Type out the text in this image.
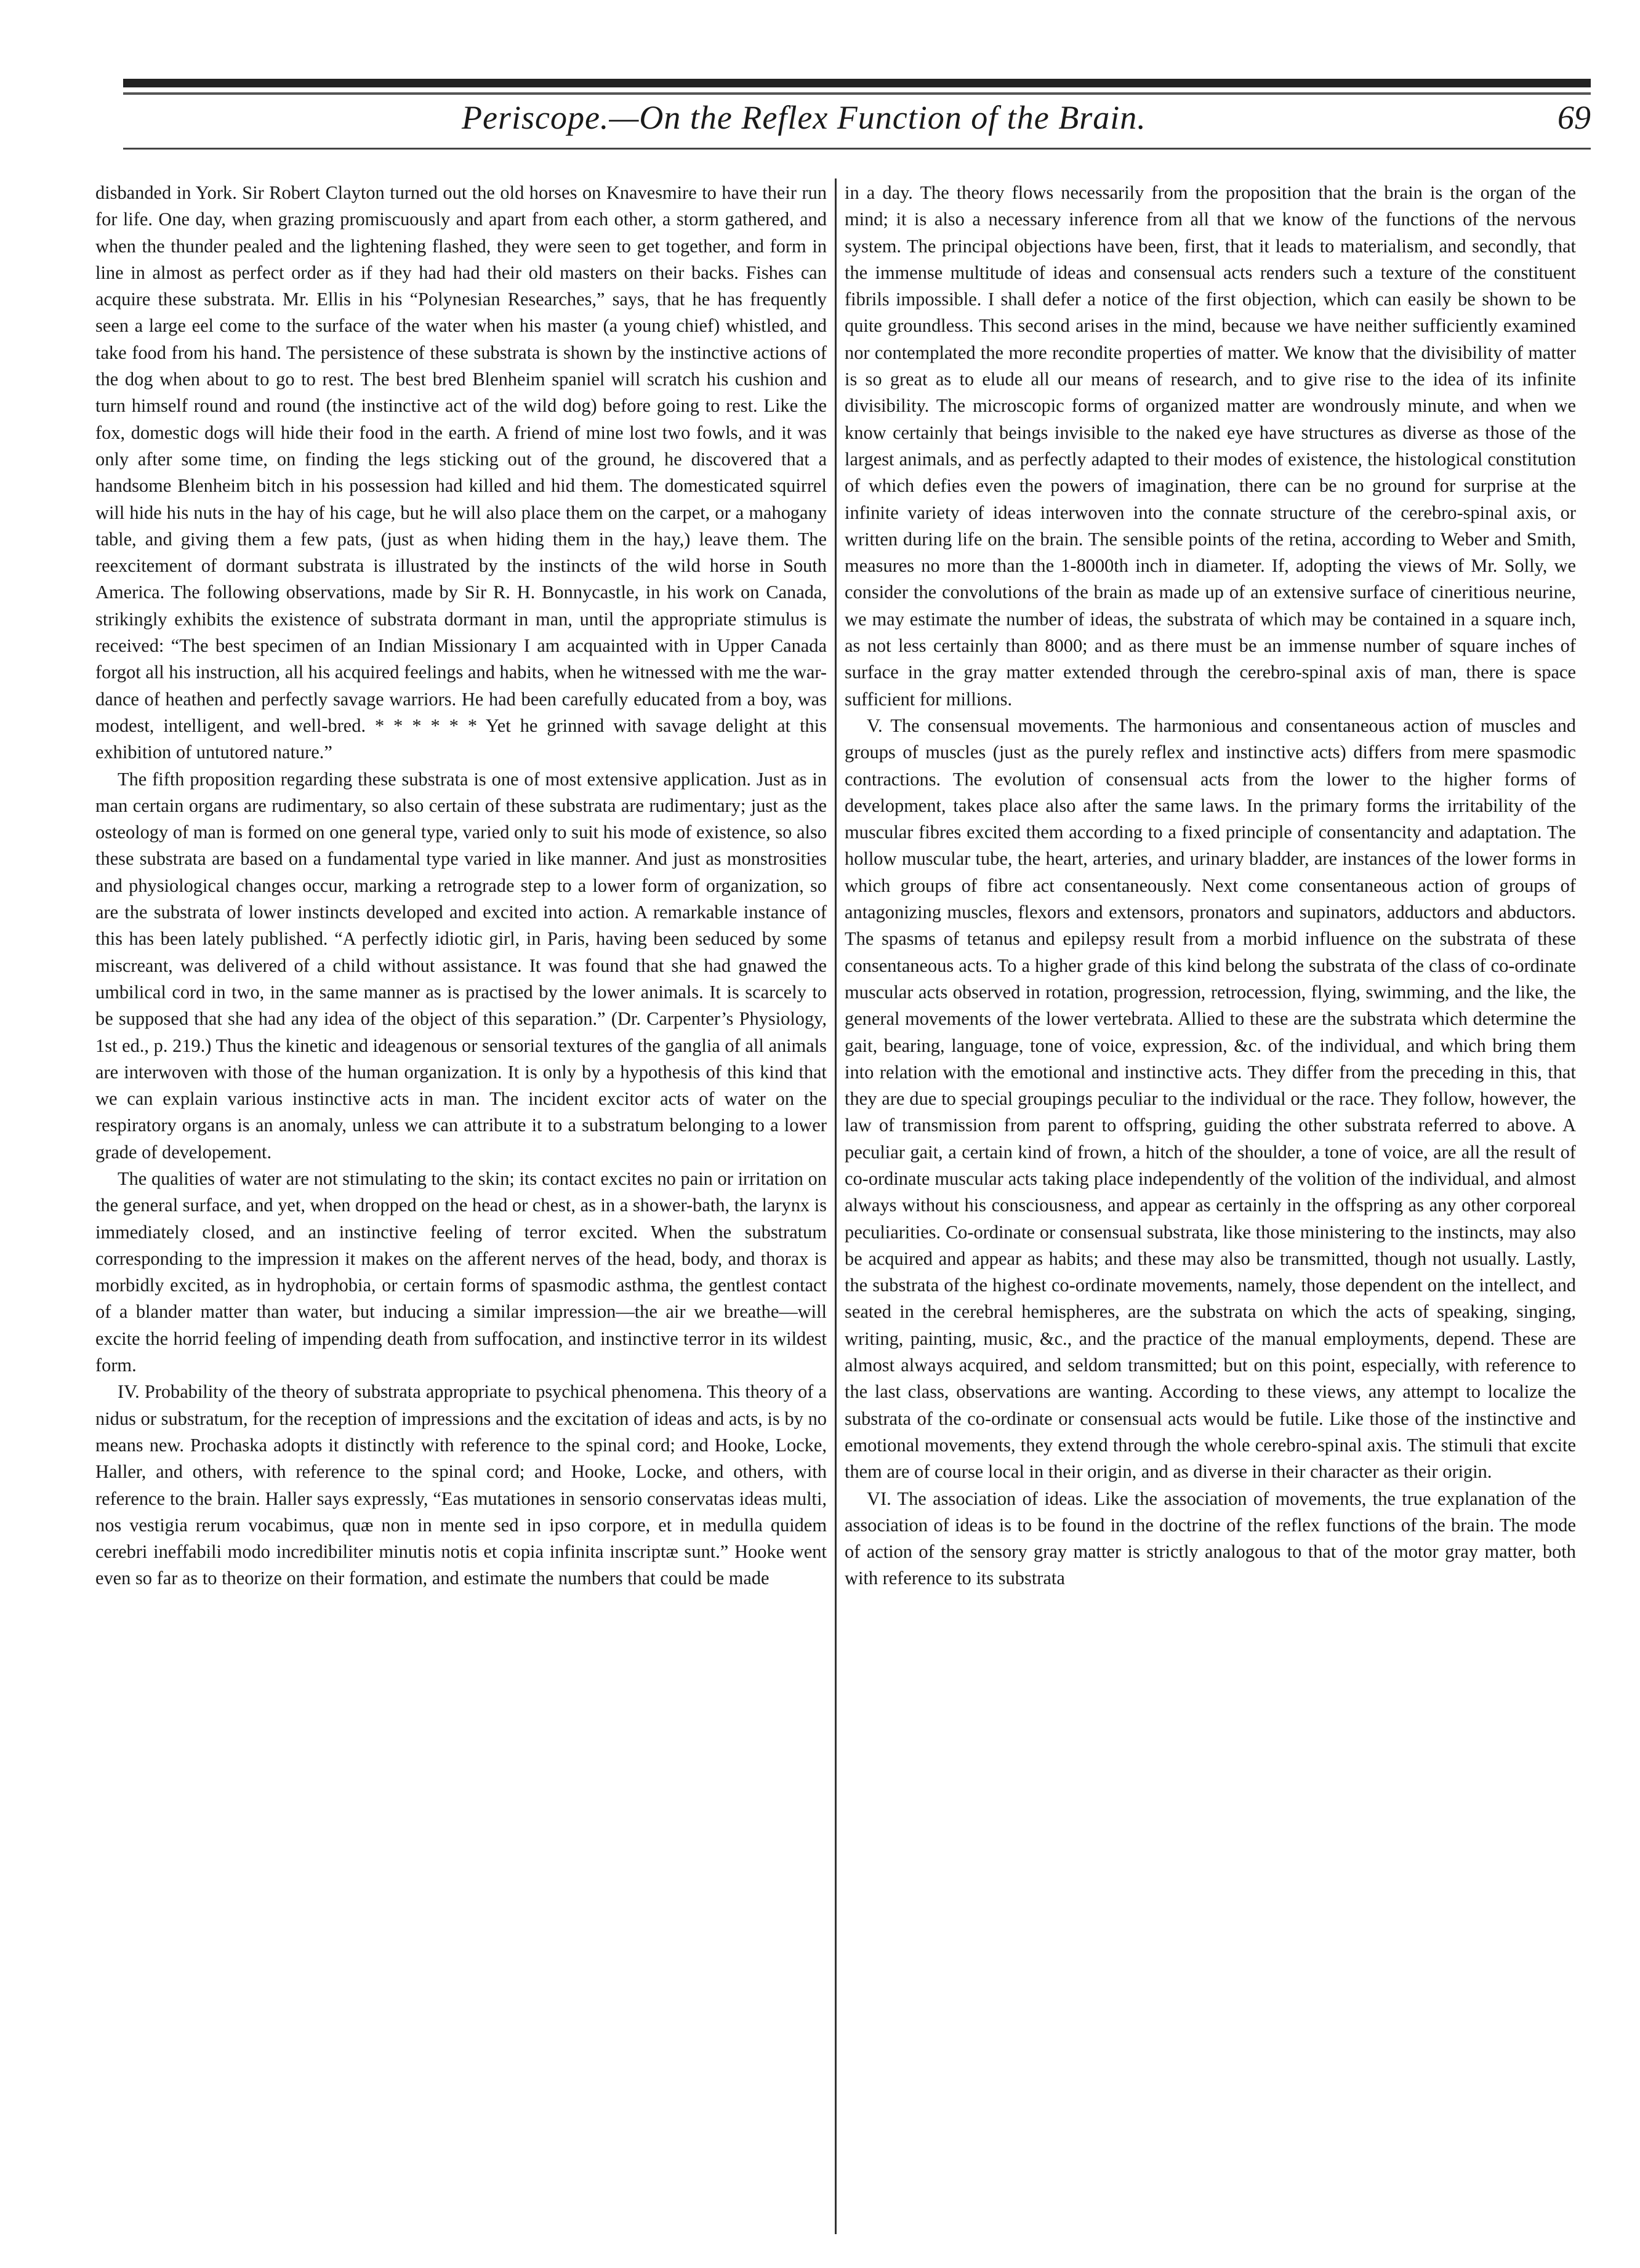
Periscope.—On the Reflex Function of the Brain.	69

disbanded in York. Sir Robert Clayton turned out the old horses on Knavesmire to have their run for life. One day, when grazing promiscuously and apart from each other, a storm gathered, and when the thunder pealed and the lightening flashed, they were seen to get together, and form in line in almost as perfect order as if they had had their old masters on their backs. Fishes can acquire these substrata. Mr. Ellis in his “Polynesian Researches,” says, that he has frequently seen a large eel come to the surface of the water when his master (a young chief) whistled, and take food from his hand. The persistence of these substrata is shown by the instinctive actions of the dog when about to go to rest. The best bred Blenheim spaniel will scratch his cushion and turn himself round and round (the instinctive act of the wild dog) before going to rest. Like the fox, domestic dogs will hide their food in the earth. A friend of mine lost two fowls, and it was only after some time, on finding the legs sticking out of the ground, he discovered that a handsome Blenheim bitch in his possession had killed and hid them. The domesticated squirrel will hide his nuts in the hay of his cage, but he will also place them on the carpet, or a mahogany table, and giving them a few pats, (just as when hiding them in the hay,) leave them. The reexcitement of dormant substrata is illustrated by the instincts of the wild horse in South America. The following observations, made by Sir R. H. Bonnycastle, in his work on Canada, strikingly exhibits the existence of substrata dormant in man, until the appropriate stimulus is received: “The best specimen of an Indian Missionary I am acquainted with in Upper Canada forgot all his instruction, all his acquired feelings and habits, when he witnessed with me the war-dance of heathen and perfectly savage warriors. He had been carefully educated from a boy, was modest, intelligent, and well-bred. * * * * * * Yet he grinned with savage delight at this exhibition of untutored nature.”

The fifth proposition regarding these substrata is one of most extensive application. Just as in man certain organs are rudimentary, so also certain of these substrata are rudimentary; just as the osteology of man is formed on one general type, varied only to suit his mode of existence, so also these substrata are based on a fundamental type varied in like manner. And just as monstrosities and physiological changes occur, marking a retrograde step to a lower form of organization, so are the substrata of lower instincts developed and excited into action. A remarkable instance of this has been lately published. “A perfectly idiotic girl, in Paris, having been seduced by some miscreant, was delivered of a child without assistance. It was found that she had gnawed the umbilical cord in two, in the same manner as is practised by the lower animals. It is scarcely to be supposed that she had any idea of the object of this separation.” (Dr. Carpenter’s Physiology, 1st ed., p. 219.) Thus the kinetic and ideagenous or sensorial textures of the ganglia of all animals are interwoven with those of the human organization. It is only by a hypothesis of this kind that we can explain various instinctive acts in man. The incident excitor acts of water on the respiratory organs is an anomaly, unless we can attribute it to a substratum belonging to a lower grade of developement.

The qualities of water are not stimulating to the skin; its contact excites no pain or irritation on the general surface, and yet, when dropped on the head or chest, as in a shower-bath, the larynx is immediately closed, and an instinctive feeling of terror excited. When the substratum corresponding to the impression it makes on the afferent nerves of the head, body, and thorax is morbidly excited, as in hydrophobia, or certain forms of spasmodic asthma, the gentlest contact of a blander matter than water, but inducing a similar impression—the air we breathe—will excite the horrid feeling of impending death from suffocation, and instinctive terror in its wildest form.

IV. Probability of the theory of substrata appropriate to psychical phenomena. This theory of a nidus or substratum, for the reception of impressions and the excitation of ideas and acts, is by no means new. Prochaska adopts it distinctly with reference to the spinal cord; and Hooke, Locke, Haller, and others, with reference to the spinal cord; and Hooke, Locke, and others, with reference to the brain. Haller says expressly, “Eas mutationes in sensorio conservatas ideas multi, nos vestigia rerum vocabimus, quæ non in mente sed in ipso corpore, et in medulla quidem cerebri ineffabili modo incredibiliter minutis notis et copia infinita inscriptæ sunt.” Hooke went even so far as to theorize on their formation, and estimate the numbers that could be made

in a day. The theory flows necessarily from the proposition that the brain is the organ of the mind; it is also a necessary inference from all that we know of the functions of the nervous system. The principal objections have been, first, that it leads to materialism, and secondly, that the immense multitude of ideas and consensual acts renders such a texture of the constituent fibrils impossible. I shall defer a notice of the first objection, which can easily be shown to be quite groundless. This second arises in the mind, because we have neither sufficiently examined nor contemplated the more recondite properties of matter. We know that the divisibility of matter is so great as to elude all our means of research, and to give rise to the idea of its infinite divisibility. The microscopic forms of organized matter are wondrously minute, and when we know certainly that beings invisible to the naked eye have structures as diverse as those of the largest animals, and as perfectly adapted to their modes of existence, the histological constitution of which defies even the powers of imagination, there can be no ground for surprise at the infinite variety of ideas interwoven into the connate structure of the cerebro-spinal axis, or written during life on the brain. The sensible points of the retina, according to Weber and Smith, measures no more than the 1-8000th inch in diameter. If, adopting the views of Mr. Solly, we consider the convolutions of the brain as made up of an extensive surface of cineritious neurine, we may estimate the number of ideas, the substrata of which may be contained in a square inch, as not less certainly than 8000; and as there must be an immense number of square inches of surface in the gray matter extended through the cerebro-spinal axis of man, there is space sufficient for millions.

V. The consensual movements. The harmonious and consentaneous action of muscles and groups of muscles (just as the purely reflex and instinctive acts) differs from mere spasmodic contractions. The evolution of consensual acts from the lower to the higher forms of development, takes place also after the same laws. In the primary forms the irritability of the muscular fibres excited them according to a fixed principle of consentancity and adaptation. The hollow muscular tube, the heart, arteries, and urinary bladder, are instances of the lower forms in which groups of fibre act consentaneously. Next come consentaneous action of groups of antagonizing muscles, flexors and extensors, pronators and supinators, adductors and abductors. The spasms of tetanus and epilepsy result from a morbid influence on the substrata of these consentaneous acts. To a higher grade of this kind belong the substrata of the class of co-ordinate muscular acts observed in rotation, progression, retrocession, flying, swimming, and the like, the general movements of the lower vertebrata. Allied to these are the substrata which determine the gait, bearing, language, tone of voice, expression, &c. of the individual, and which bring them into relation with the emotional and instinctive acts. They differ from the preceding in this, that they are due to special groupings peculiar to the individual or the race. They follow, however, the law of transmission from parent to offspring, guiding the other substrata referred to above. A peculiar gait, a certain kind of frown, a hitch of the shoulder, a tone of voice, are all the result of co-ordinate muscular acts taking place independently of the volition of the individual, and almost always without his consciousness, and appear as certainly in the offspring as any other corporeal peculiarities. Co-ordinate or consensual substrata, like those ministering to the instincts, may also be acquired and appear as habits; and these may also be transmitted, though not usually. Lastly, the substrata of the highest co-ordinate movements, namely, those dependent on the intellect, and seated in the cerebral hemispheres, are the substrata on which the acts of speaking, singing, writing, painting, music, &c., and the practice of the manual employments, depend. These are almost always acquired, and seldom transmitted; but on this point, especially, with reference to the last class, observations are wanting. According to these views, any attempt to localize the substrata of the co-ordinate or consensual acts would be futile. Like those of the instinctive and emotional movements, they extend through the whole cerebro-spinal axis. The stimuli that excite them are of course local in their origin, and as diverse in their character as their origin.

VI. The association of ideas. Like the association of movements, the true explanation of the association of ideas is to be found in the doctrine of the reflex functions of the brain. The mode of action of the sensory gray matter is strictly analogous to that of the motor gray matter, both with reference to its substrata
